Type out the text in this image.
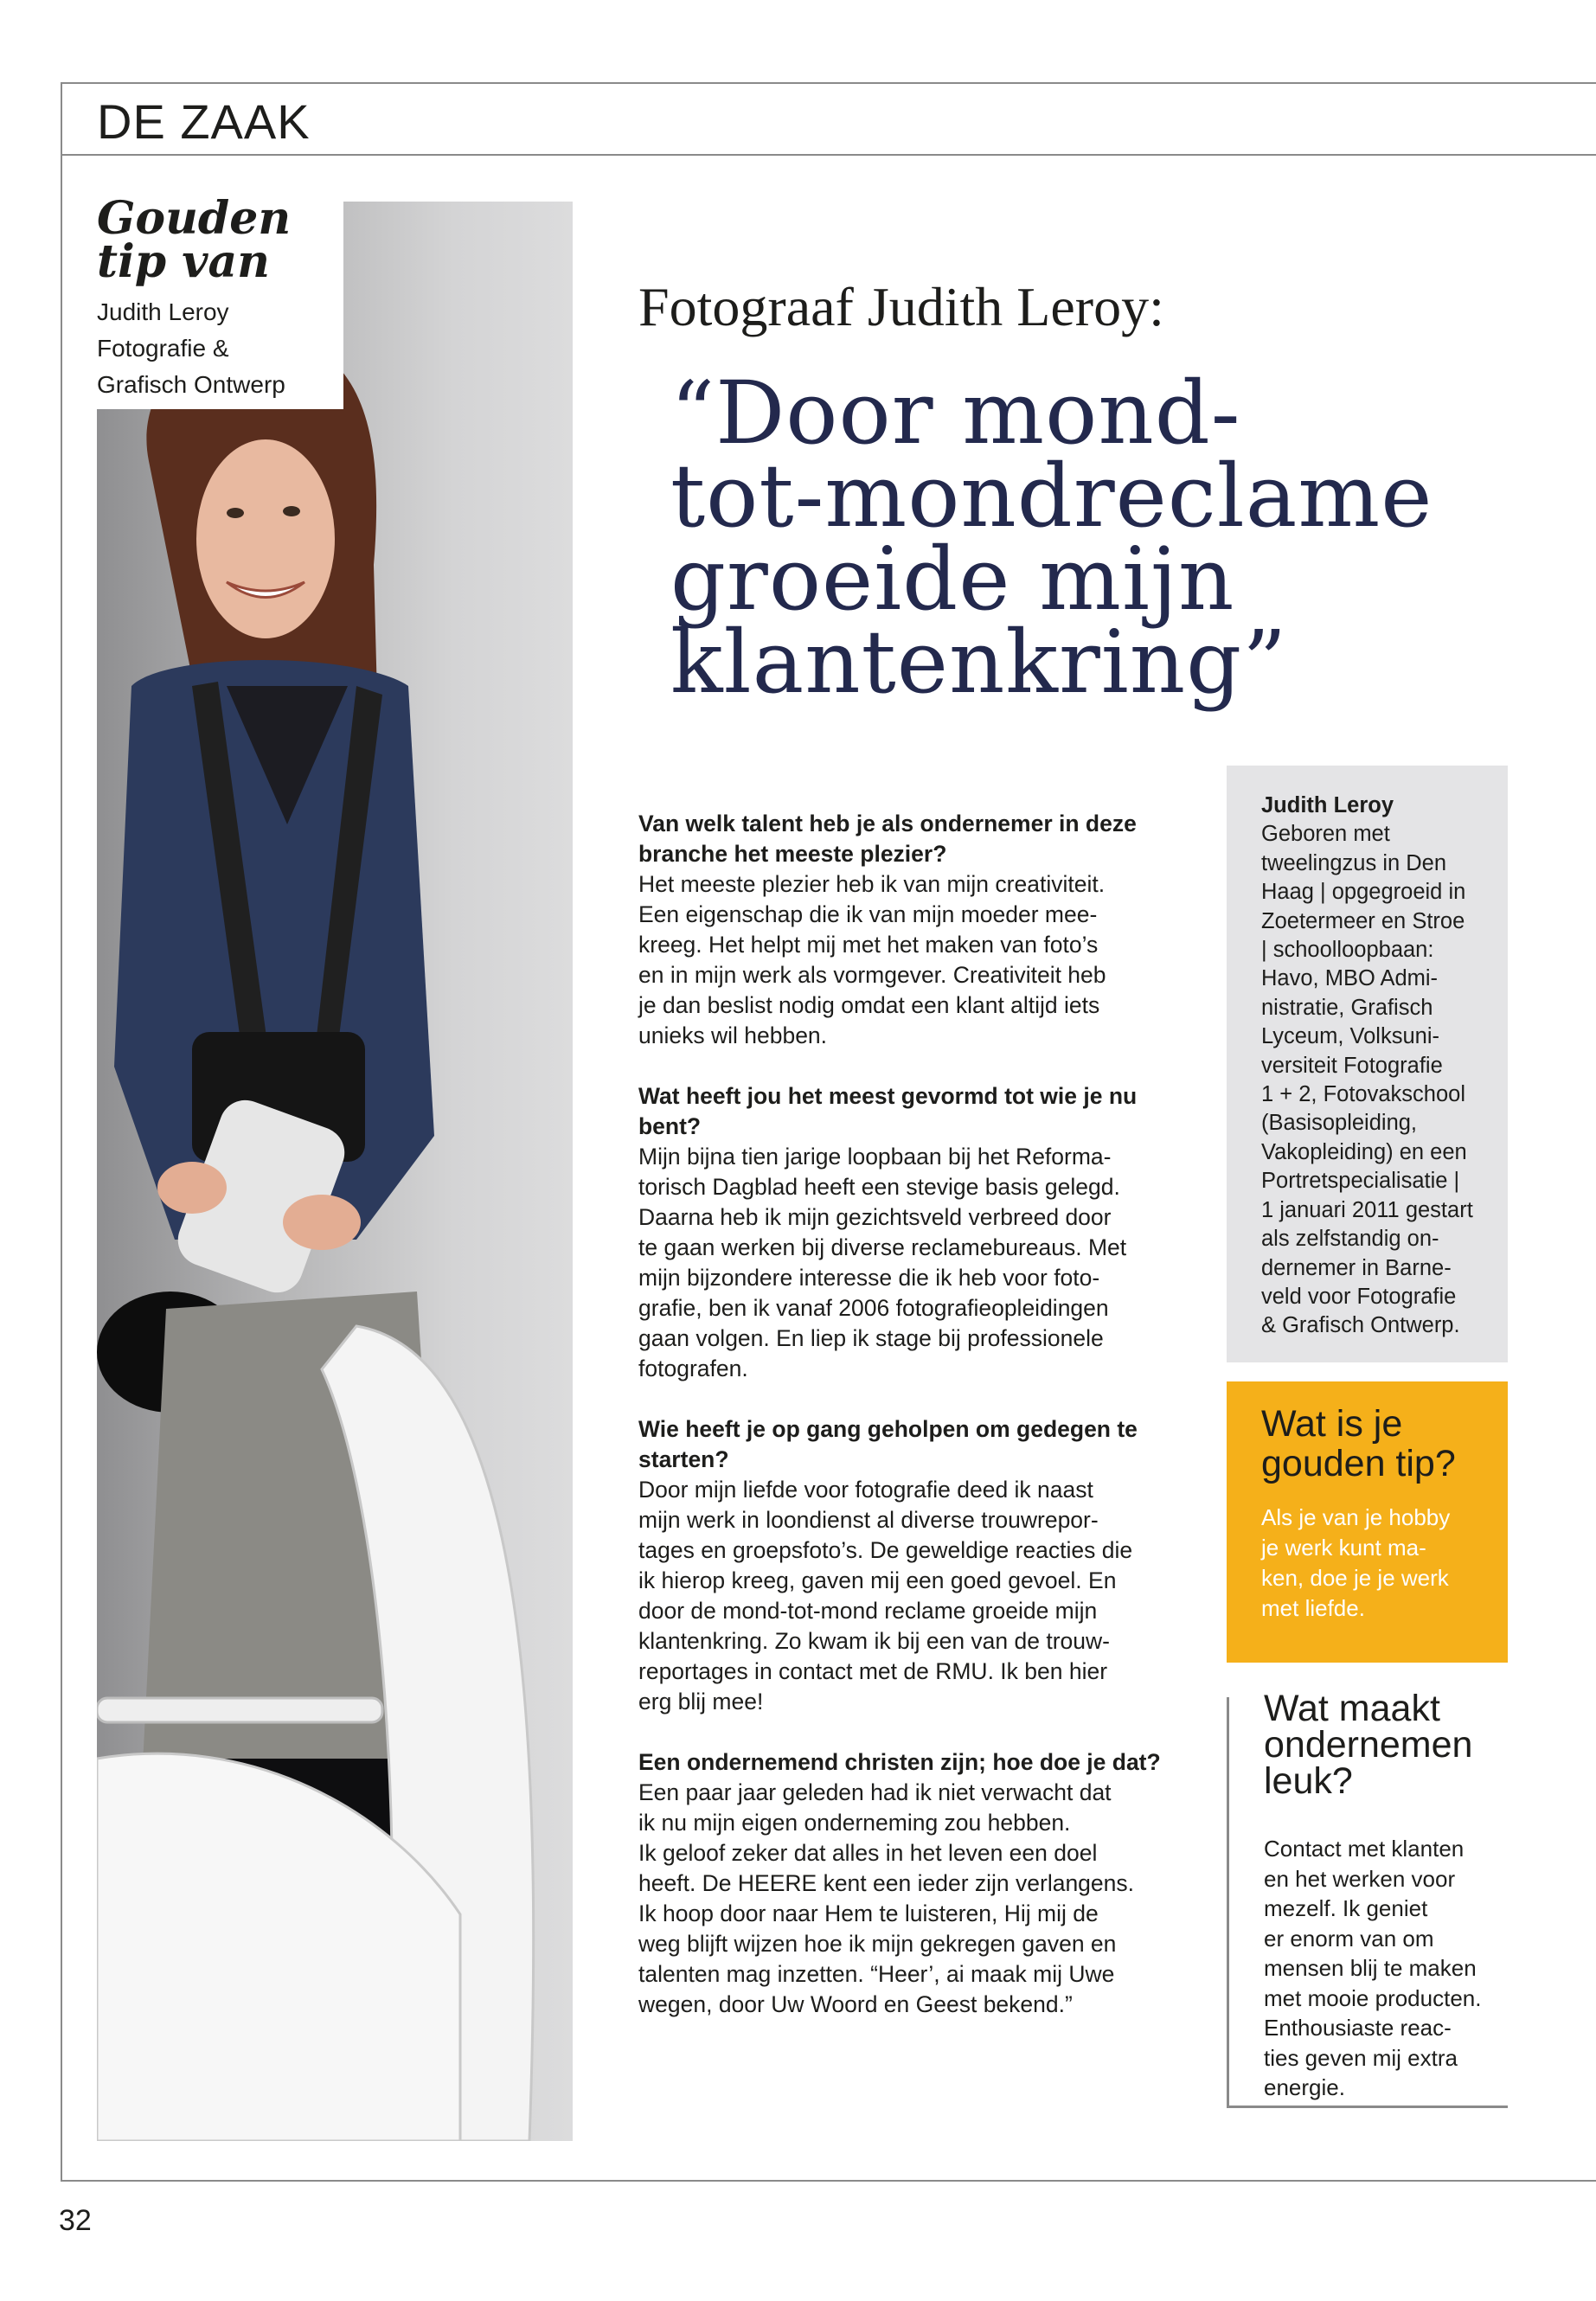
DE ZAAK
Gouden
tip van
Judith Leroy
Fotografie &
Grafisch Ontwerp
Fotograaf Judith Leroy:
“Door mond-
tot-mondreclame
groeide mijn
klantenkring”
Van welk talent heb je als ondernemer in deze
branche het meeste plezier?
Het meeste plezier heb ik van mijn creativiteit.
Een eigenschap die ik van mijn moeder mee-
kreeg. Het helpt mij met het maken van foto’s
en in mijn werk als vormgever. Creativiteit heb
je dan beslist nodig omdat een klant altijd iets
unieks wil hebben.
Wat heeft jou het meest gevormd tot wie je nu
bent?
Mijn bijna tien jarige loopbaan bij het Reforma-
torisch Dagblad heeft een stevige basis gelegd.
Daarna heb ik mijn gezichtsveld verbreed door
te gaan werken bij diverse reclamebureaus. Met
mijn bijzondere interesse die ik heb voor foto-
grafie, ben ik vanaf 2006 fotografieopleidingen
gaan volgen. En liep ik stage bij professionele
fotografen.
Wie heeft je op gang geholpen om gedegen te
starten?
Door mijn liefde voor fotografie deed ik naast
mijn werk in loondienst al diverse trouwrepor-
tages en groepsfoto’s. De geweldige reacties die
ik hierop kreeg, gaven mij een goed gevoel. En
door de mond-tot-mond reclame groeide mijn
klantenkring. Zo kwam ik bij een van de trouw-
reportages in contact met de RMU. Ik ben hier
erg blij mee!
Een ondernemend christen zijn; hoe doe je dat?
Een paar jaar geleden had ik niet verwacht dat
ik nu mijn eigen onderneming zou hebben.
Ik geloof zeker dat alles in het leven een doel
heeft. De HEERE kent een ieder zijn verlangens.
Ik hoop door naar Hem te luisteren, Hij mij de
weg blijft wijzen hoe ik mijn gekregen gaven en
talenten mag inzetten. “Heer’, ai maak mij Uwe
wegen, door Uw Woord en Geest bekend.”
Judith Leroy
Geboren met
tweelingzus in Den
Haag | opgegroeid in
Zoetermeer en Stroe
| schoolloopbaan:
Havo, MBO Admi-
nistratie, Grafisch
Lyceum, Volksuni-
versiteit Fotografie
1 + 2, Fotovakschool
(Basisopleiding,
Vakopleiding) en een
Portretspecialisatie |
1 januari 2011 gestart
als zelfstandig on-
dernemer in Barne-
veld voor Fotografie
& Grafisch Ontwerp.
Wat is je
gouden tip?
Als je van je hobby
je werk kunt ma-
ken, doe je je werk
met liefde.
Wat maakt
ondernemen
leuk?
Contact met klanten
en het werken voor
mezelf. Ik geniet
er enorm van om
mensen blij te maken
met mooie producten.
Enthousiaste reac-
ties geven mij extra
energie.
32
